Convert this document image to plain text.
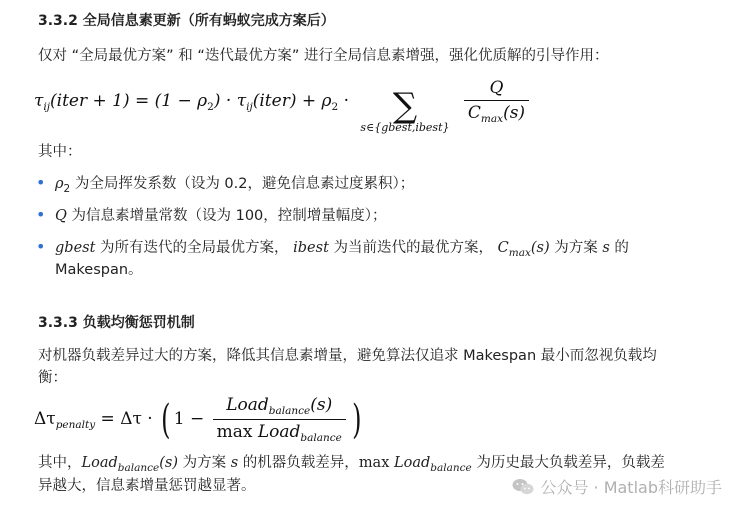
3.3.2 全局信息素更新（所有蚂蚁完成方案后）
仅对 “全局最优方案” 和 “迭代最优方案” 进行全局信息素增强，强化优质解的引导作用：
$\tau_{ij}(iter + 1) = (1 - \rho_2)$ · $\tau_{ij}(iter) + \rho_2$ ·	∑
s∈{gbest,ibest}

$\frac{Q}{C_{max}(s)}$
其中：
• $\rho_2$ 为全局挥发系数（设为 0.2，避免信息素过度累积）；
• Q 为信息素增量常数（设为 100，控制增量幅度）；
• gbest 为所有迭代的全局最优方案， ibest 为当前迭代的最优方案， $C_{max}(s)$ 为方案 s 的
Makespan。
3.3.3 负载均衡惩罚机制
对机器负载差异过大的方案，降低其信息素增量，避免算法仅追求 Makespan 最小而忽视负载均
衡：
$\Delta\tau_{penalty} = \Delta\tau$ · ( $1 - \frac{Load_{balance}(s)}{\max Load_{balance}}$ )
其中，Load$_{balance}$(s) 为方案 s 的机器负载差异，max Load$_{balance}$ 为历史最大负载差异，负载差
异越大，信息素增量惩罚越显著。	公众号 · Matlab科研助手
